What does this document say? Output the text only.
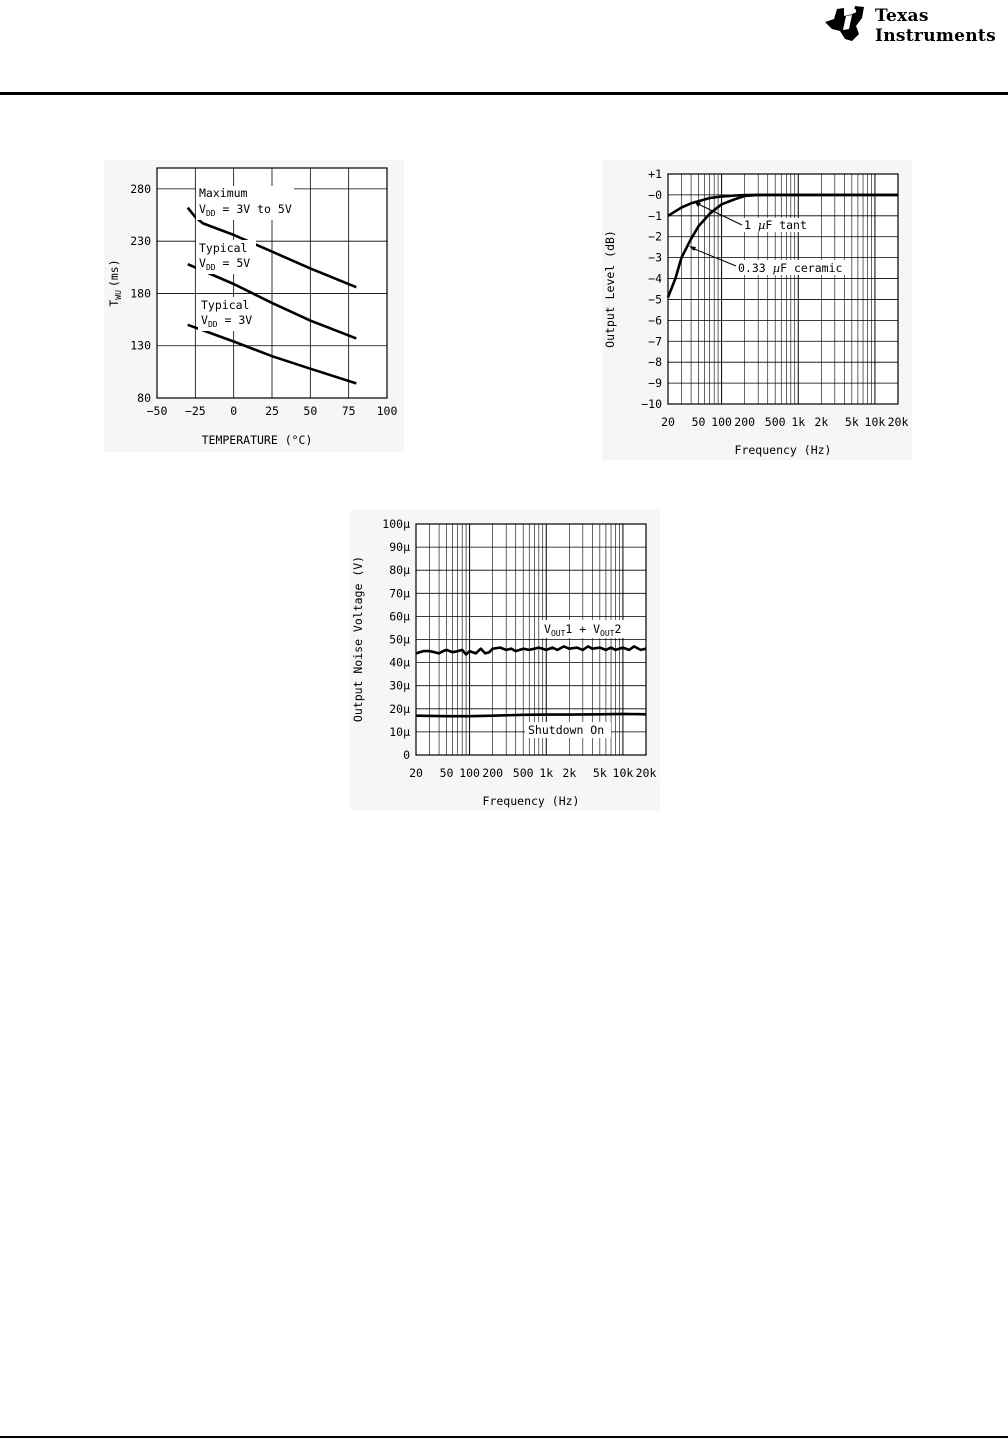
Texas
Instruments
−50 −25 0 25 50 75 100
80
130
180
230
280	Maximum
$V_{DD} = 3V$ to 5V
Typical
$V_{DD} = 5V$
Typical
$V_{DD} = 3V$
TEMPERATURE (°C)
$T_{WU}(ms)$
+1
−0
−1
−2
−3
−4
−5
−6
−7
−8
−9
−10
20 50 100 200 500 1k 2k 5k 10k 20k
1 µF tant
0.33 µF ceramic
Frequency (Hz)
Output Level (dB)
0
10µ
20µ
30µ
40µ
50µ
60µ
70µ
80µ
90µ
100µ
20 50 100 200 500 1k 2k 5k 10k 20k
$V_{OUT}1 + V_{OUT}2$
Shutdown On
Frequency (Hz)
Output Noise Voltage (V)
